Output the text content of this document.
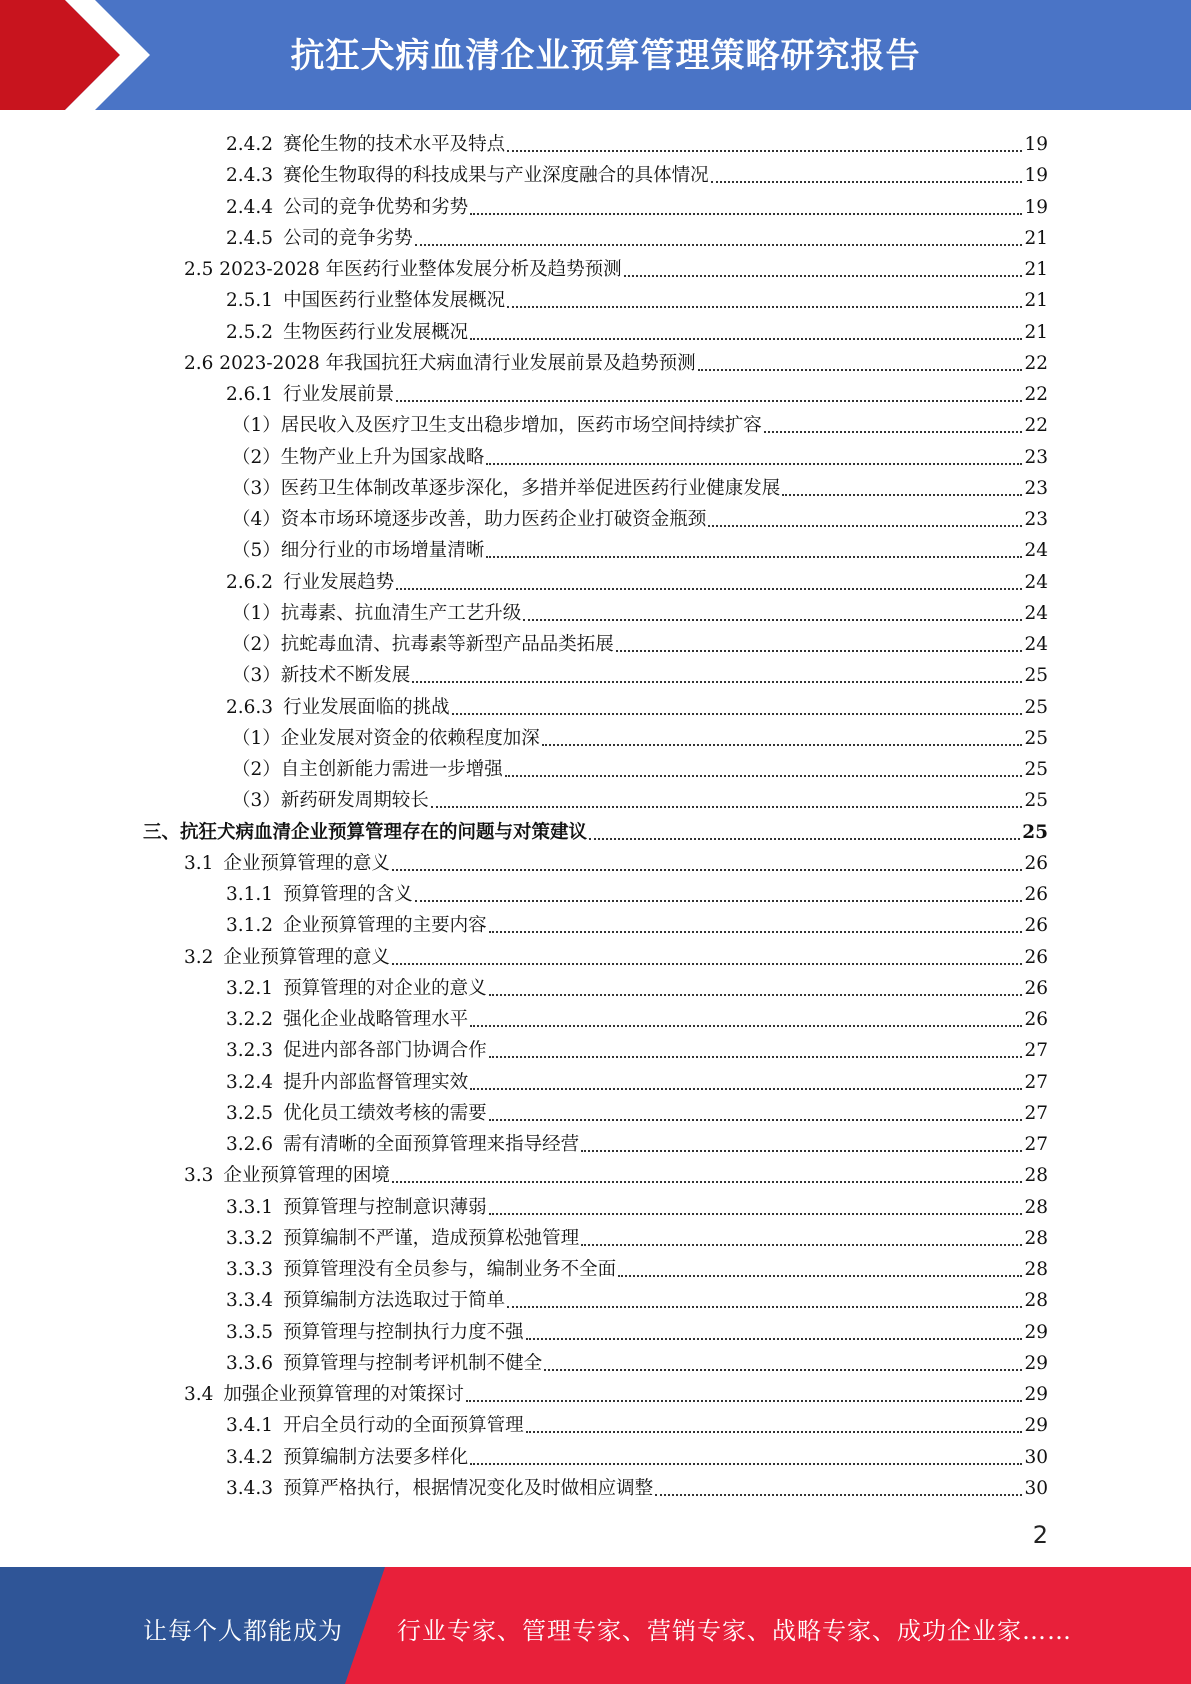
抗狂犬病血清企业预算管理策略研究报告
2.4.2 赛伦生物的技术水平及特点	19
2.4.3 赛伦生物取得的科技成果与产业深度融合的具体情况	19
2.4.4 公司的竞争优势和劣势	19
2.4.5 公司的竞争劣势	21
2.5 2023-2028 年医药行业整体发展分析及趋势预测	21
2.5.1 中国医药行业整体发展概况	21
2.5.2 生物医药行业发展概况	21
2.6 2023-2028 年我国抗狂犬病血清行业发展前景及趋势预测	22
2.6.1 行业发展前景	22
（1）居民收入及医疗卫生支出稳步增加，医药市场空间持续扩容	22
（2）生物产业上升为国家战略	23
（3）医药卫生体制改革逐步深化，多措并举促进医药行业健康发展	23
（4）资本市场环境逐步改善，助力医药企业打破资金瓶颈	23
（5）细分行业的市场增量清晰	24
2.6.2 行业发展趋势	24
（1）抗毒素、抗血清生产工艺升级	24
（2）抗蛇毒血清、抗毒素等新型产品品类拓展	24
（3）新技术不断发展	25
2.6.3 行业发展面临的挑战	25
（1）企业发展对资金的依赖程度加深	25
（2）自主创新能力需进一步增强	25
（3）新药研发周期较长	25
三、抗狂犬病血清企业预算管理存在的问题与对策建议	25
3.1 企业预算管理的意义	26
3.1.1 预算管理的含义	26
3.1.2 企业预算管理的主要内容	26
3.2 企业预算管理的意义	26
3.2.1 预算管理的对企业的意义	26
3.2.2 强化企业战略管理水平	26
3.2.3 促进内部各部门协调合作	27
3.2.4 提升内部监督管理实效	27
3.2.5 优化员工绩效考核的需要	27
3.2.6 需有清晰的全面预算管理来指导经营	27
3.3 企业预算管理的困境	28
3.3.1 预算管理与控制意识薄弱	28
3.3.2 预算编制不严谨，造成预算松弛管理	28
3.3.3 预算管理没有全员参与，编制业务不全面	28
3.3.4 预算编制方法选取过于简单	28
3.3.5 预算管理与控制执行力度不强	29
3.3.6 预算管理与控制考评机制不健全	29
3.4 加强企业预算管理的对策探讨	29
3.4.1 开启全员行动的全面预算管理	29
3.4.2 预算编制方法要多样化	30
3.4.3 预算严格执行，根据情况变化及时做相应调整	30
2
让每个人都能成为 行业专家、管理专家、营销专家、战略专家、成功企业家……
